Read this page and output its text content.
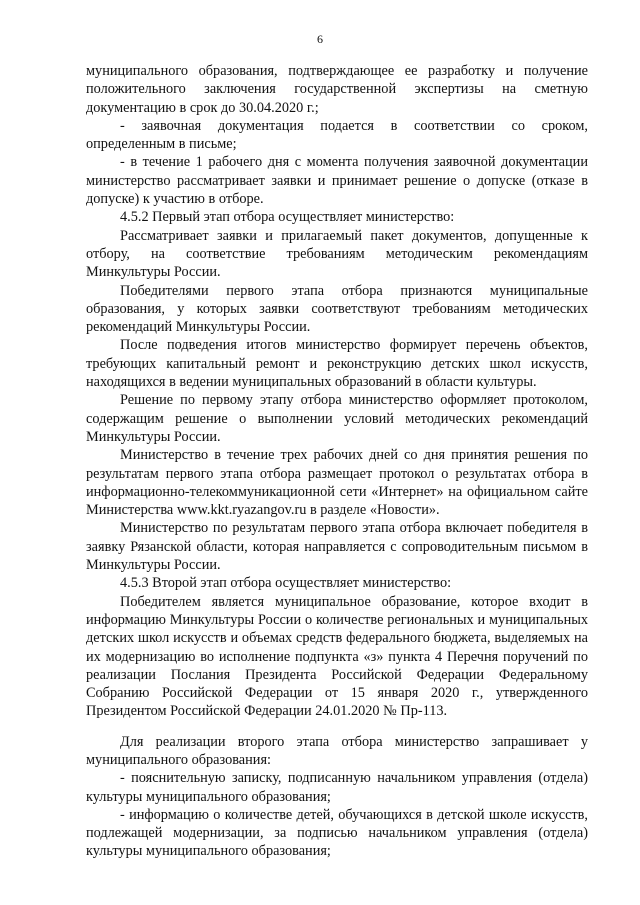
6

муниципального образования, подтверждающее ее разработку и получение положительного заключения государственной экспертизы на сметную документацию в срок до 30.04.2020 г.;

- заявочная документация подается в соответствии со сроком, определенным в письме;

- в течение 1 рабочего дня с момента получения заявочной документации министерство рассматривает заявки и принимает решение о допуске (отказе в допуске) к участию в отборе.

4.5.2 Первый этап отбора осуществляет министерство:

Рассматривает заявки и прилагаемый пакет документов, допущенные к отбору, на соответствие требованиям методическим рекомендациям Минкультуры России.

Победителями первого этапа отбора признаются муниципальные образования, у которых заявки соответствуют требованиям методических рекомендаций Минкультуры России.

После подведения итогов министерство формирует перечень объектов, требующих капитальный ремонт и реконструкцию детских школ искусств, находящихся в ведении муниципальных образований в области культуры.

Решение по первому этапу отбора министерство оформляет протоколом, содержащим решение о выполнении условий методических рекомендаций Минкультуры России.

Министерство в течение трех рабочих дней со дня принятия решения по результатам первого этапа отбора размещает протокол о результатах отбора в информационно-телекоммуникационной сети «Интернет» на официальном сайте Министерства www.kkt.ryazangov.ru в разделе «Новости».

Министерство по результатам первого этапа отбора включает победителя в заявку Рязанской области, которая направляется с сопроводительным письмом в Минкультуры России.

4.5.3 Второй этап отбора осуществляет министерство:

Победителем является муниципальное образование, которое входит в информацию Минкультуры России о количестве региональных и муниципальных детских школ искусств и объемах средств федерального бюджета, выделяемых на их модернизацию во исполнение подпункта «з» пункта 4 Перечня поручений по реализации Послания Президента Российской Федерации Федеральному Собранию Российской Федерации от 15 января 2020 г., утвержденного Президентом Российской Федерации 24.01.2020 № Пр-113.

Для реализации второго этапа отбора министерство запрашивает у муниципального образования:

- пояснительную записку, подписанную начальником управления (отдела) культуры муниципального образования;

- информацию о количестве детей, обучающихся в детской школе искусств, подлежащей модернизации, за подписью начальником управления (отдела) культуры муниципального образования;
